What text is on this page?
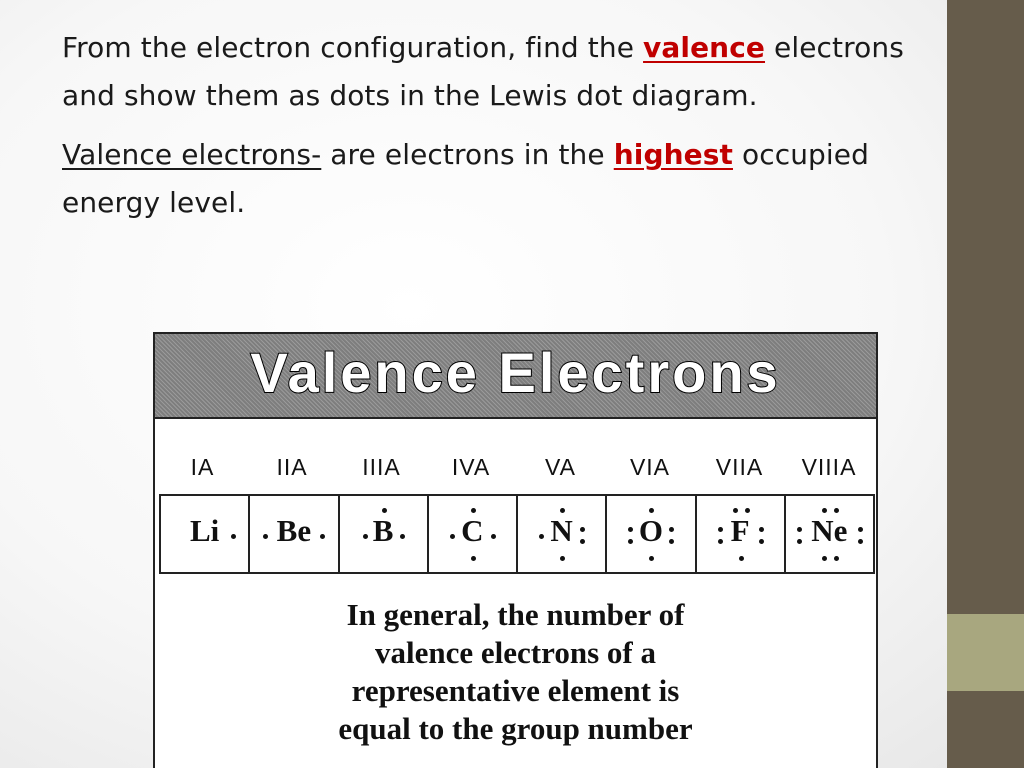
From the electron configuration, find the valence electrons and show them as dots in the Lewis dot diagram.

Valence electrons- are electrons in the highest occupied energy level.

Valence Electrons
IA	IIA	IIIA	IVA	VA	VIA	VIIA	VIIIA
Li	Be	B	C	N	O	F	Ne
In general, the number of
valence electrons of a
representative element is
equal to the group number
